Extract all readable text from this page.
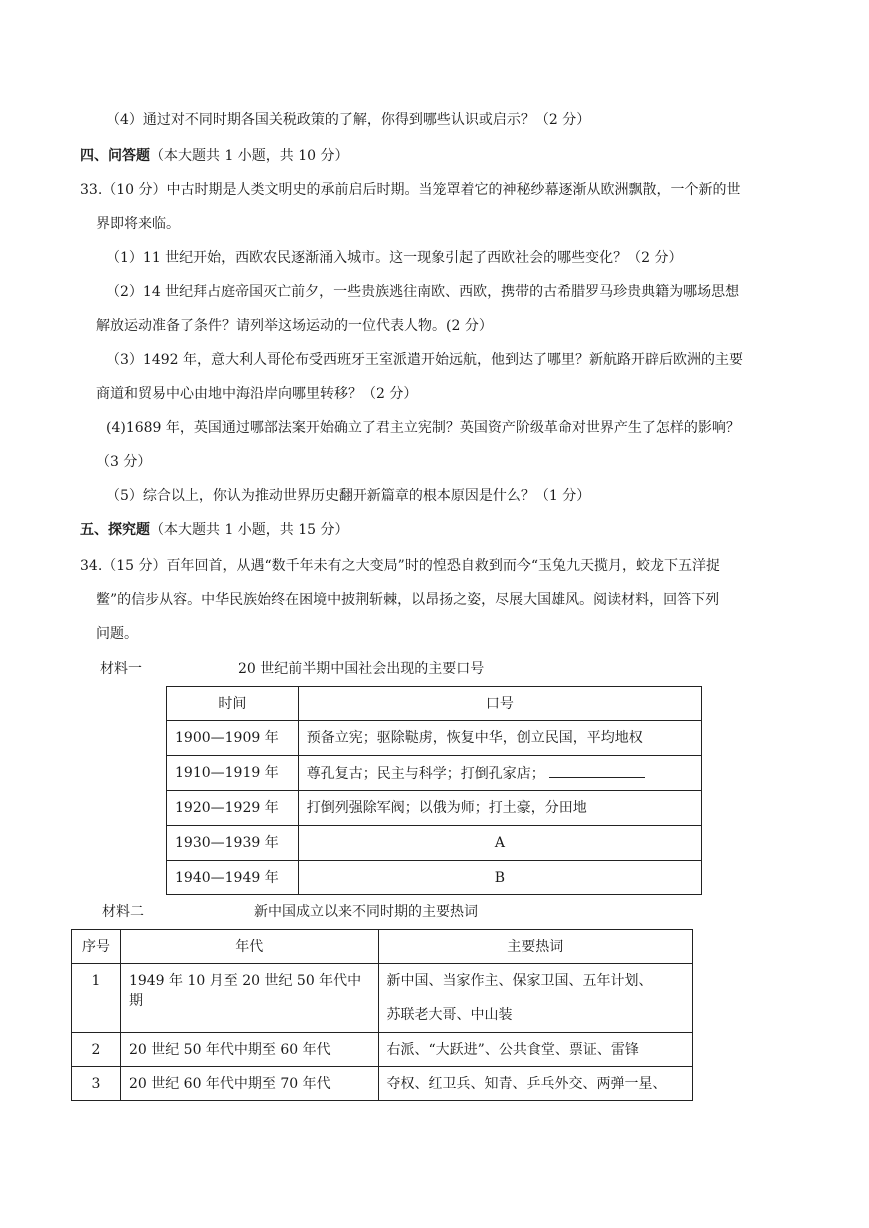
（4）通过对不同时期各国关税政策的了解，你得到哪些认识或启示？（2 分）
四、问答题（本大题共 1 小题，共 10 分）
33.（10 分）中古时期是人类文明史的承前启后时期。当笼罩着它的神秘纱幕逐渐从欧洲飘散，一个新的世
界即将来临。
（1）11 世纪开始，西欧农民逐渐涌入城市。这一现象引起了西欧社会的哪些变化？（2 分）
（2）14 世纪拜占庭帝国灭亡前夕，一些贵族逃往南欧、西欧，携带的古希腊罗马珍贵典籍为哪场思想
解放运动准备了条件？请列举这场运动的一位代表人物。(2 分）
（3）1492 年，意大利人哥伦布受西班牙王室派遣开始远航，他到达了哪里？新航路开辟后欧洲的主要
商道和贸易中心由地中海沿岸向哪里转移？（2 分）
(4)1689 年，英国通过哪部法案开始确立了君主立宪制？英国资产阶级革命对世界产生了怎样的影响？
（3 分）
（5）综合以上，你认为推动世界历史翻开新篇章的根本原因是什么？（1 分）
五、探究题（本大题共 1 小题，共 15 分）
34.（15 分）百年回首，从遇“数千年未有之大变局”时的惶恐自救到而今“玉兔九天揽月，蛟龙下五洋捉
鳖”的信步从容。中华民族始终在困境中披荆斩棘，以昂扬之姿，尽展大国雄风。阅读材料，回答下列
问题。
材料一	20 世纪前半期中国社会出现的主要口号
时间	口号
1900—1909 年	预备立宪；驱除鞑虏，恢复中华，创立民国，平均地权
1910—1919 年	尊孔复古；民主与科学；打倒孔家店；
1920—1929 年	打倒列强除军阀；以俄为师；打土豪，分田地
1930—1939 年	A
1940—1949 年	B
材料二	新中国成立以来不同时期的主要热词
序号	年代	主要热词
1	1949 年 10 月至 20 世纪 50 年代中期	新中国、当家作主、保家卫国、五年计划、
苏联老大哥、中山装

2	20 世纪 50 年代中期至 60 年代	右派、“大跃进”、公共食堂、票证、雷锋
3	20 世纪 60 年代中期至 70 年代	夺权、红卫兵、知青、乒乓外交、两弹一星、
